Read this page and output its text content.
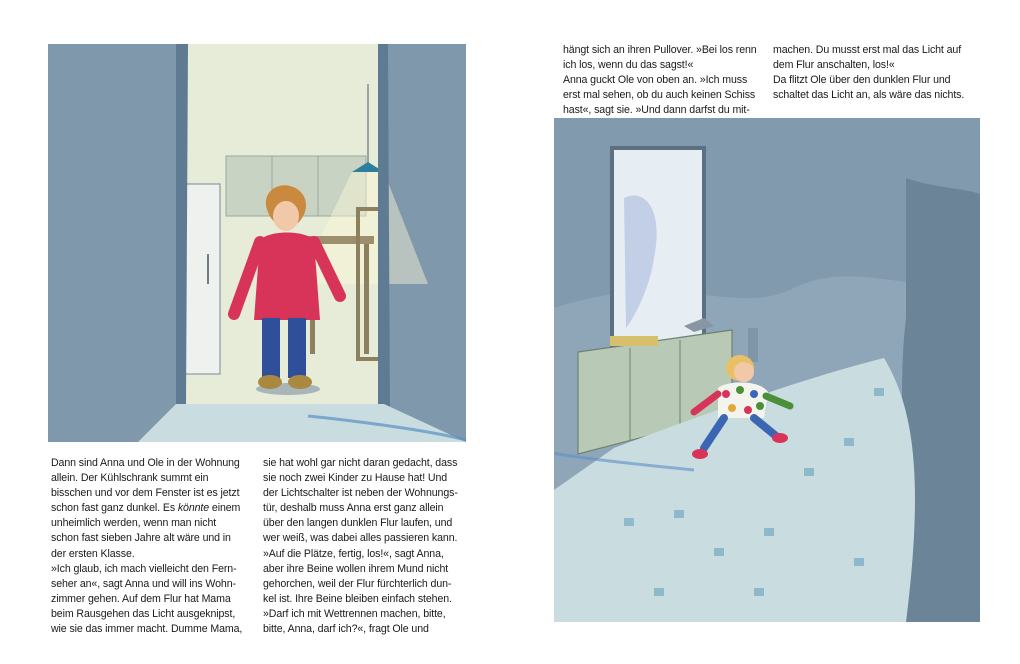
Dann sind Anna und Ole in der Wohnung
allein. Der Kühlschrank summt ein
bisschen und vor dem Fenster ist es jetzt
schon fast ganz dunkel. Es könnte einem
unheimlich werden, wenn man nicht
schon fast sieben Jahre alt wäre und in
der ersten Klasse.
»Ich glaub, ich mach vielleicht den Fern-
seher an«, sagt Anna und will ins Wohn-
zimmer gehen. Auf dem Flur hat Mama
beim Rausgehen das Licht ausgeknipst,
wie sie das immer macht. Dumme Mama,
sie hat wohl gar nicht daran gedacht, dass
sie noch zwei Kinder zu Hause hat! Und
der Lichtschalter ist neben der Wohnungs-
tür, deshalb muss Anna erst ganz allein
über den langen dunklen Flur laufen, und
wer weiß, was dabei alles passieren kann.
»Auf die Plätze, fertig, los!«, sagt Anna,
aber ihre Beine wollen ihrem Mund nicht
gehorchen, weil der Flur fürchterlich dun-
kel ist. Ihre Beine bleiben einfach stehen.
»Darf ich mit Wettrennen machen, bitte,
bitte, Anna, darf ich?«, fragt Ole und
hängt sich an ihren Pullover. »Bei los renn
ich los, wenn du das sagst!«
Anna guckt Ole von oben an. »Ich muss
erst mal sehen, ob du auch keinen Schiss
hast«, sagt sie. »Und dann darfst du mit-
machen. Du musst erst mal das Licht auf
dem Flur anschalten, los!«
Da flitzt Ole über den dunklen Flur und
schaltet das Licht an, als wäre das nichts.
